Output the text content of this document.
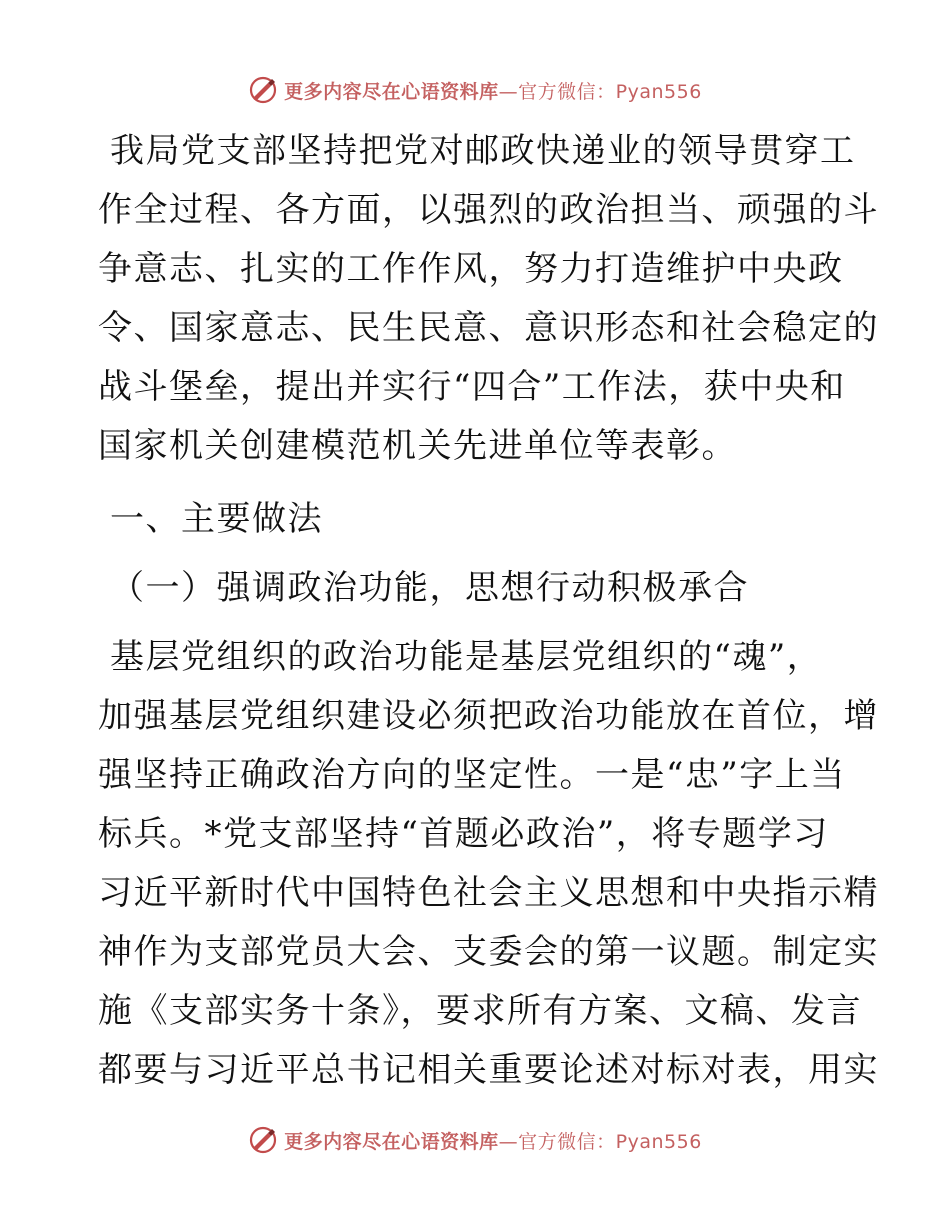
更多内容尽在心语资料库—官方微信：Pyan556
我局党支部坚持把党对邮政快递业的领导贯穿工
作全过程、各方面，以强烈的政治担当、顽强的斗
争意志、扎实的工作作风，努力打造维护中央政
令、国家意志、民生民意、意识形态和社会稳定的
战斗堡垒，提出并实行“四合”工作法，获中央和
国家机关创建模范机关先进单位等表彰。
一、主要做法
（一）强调政治功能，思想行动积极承合
基层党组织的政治功能是基层党组织的“魂”，
加强基层党组织建设必须把政治功能放在首位，增
强坚持正确政治方向的坚定性。一是“忠”字上当
标兵。*党支部坚持“首题必政治”，将专题学习
习近平新时代中国特色社会主义思想和中央指示精
神作为支部党员大会、支委会的第一议题。制定实
施《支部实务十条》，要求所有方案、文稿、发言
都要与习近平总书记相关重要论述对标对表，用实
更多内容尽在心语资料库—官方微信：Pyan556
